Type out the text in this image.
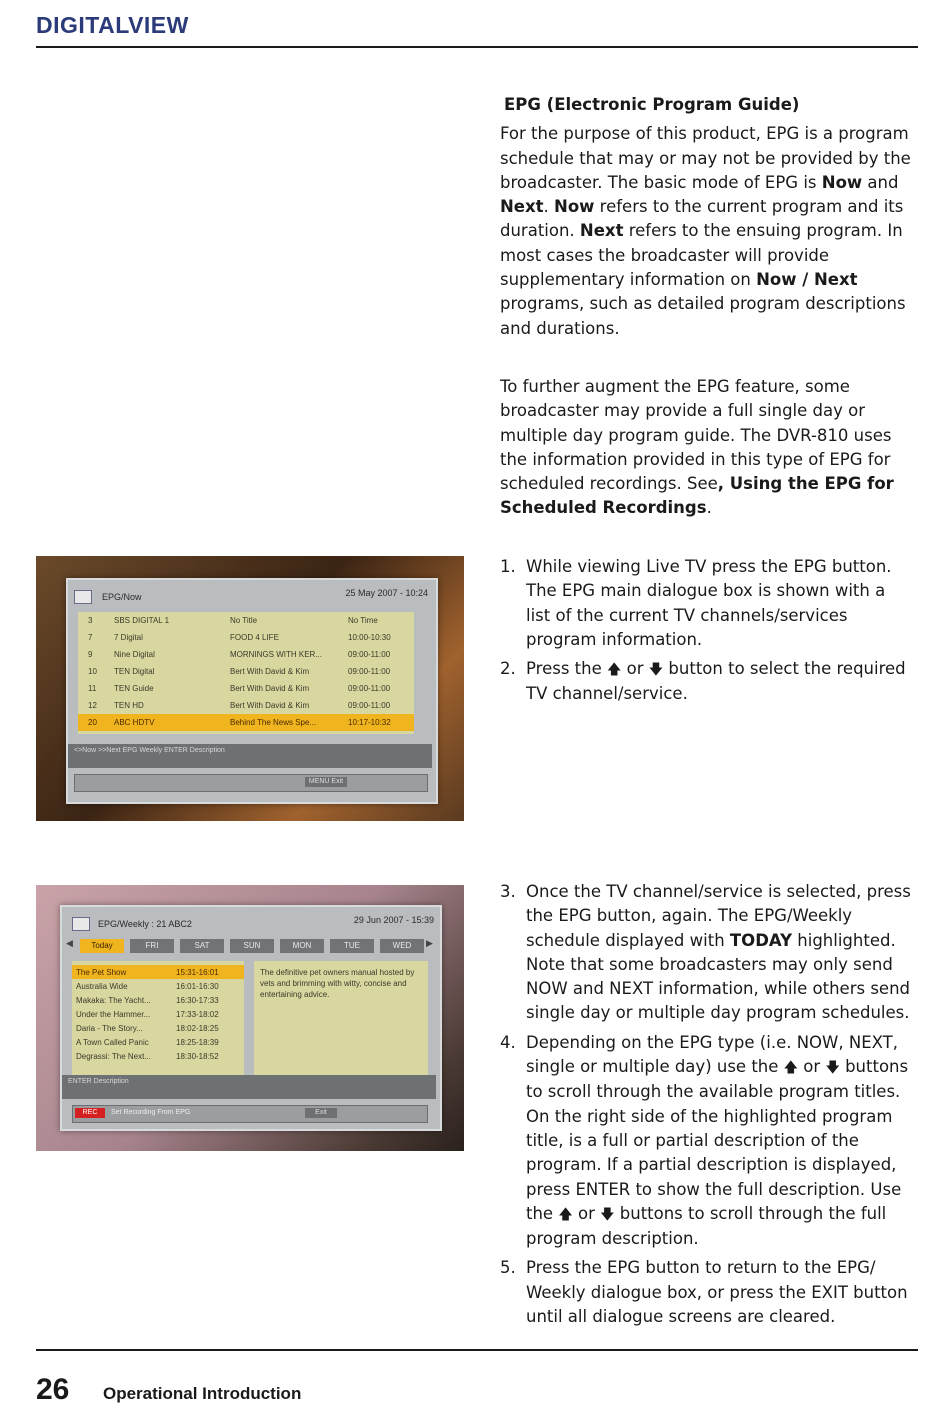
DIGITALVIEW

EPG (Electronic Program Guide)

For the purpose of this product, EPG is a program schedule that may or may not be provided by the broadcaster. The basic mode of EPG is Now and Next. Now refers to the current program and its duration. Next refers to the ensuing program. In most cases the broadcaster will provide supplementary information on Now / Next programs, such as detailed program descriptions and durations.

To further augment the EPG feature, some broadcaster may provide a full single day or multiple day program guide. The DVR-810 uses the information provided in this type of EPG for scheduled recordings. See, Using the EPG for Scheduled Recordings.

1. While viewing Live TV press the EPG button. The EPG main dialogue box is shown with a list of the current TV channels/services program information.
2. Press the 🡅 or 🡇 button to select the required TV channel/service.
3. Once the TV channel/service is selected, press the EPG button, again. The EPG/Weekly schedule displayed with TODAY highlighted. Note that some broadcasters may only send NOW and NEXT information, while others send single day or multiple day program schedules.
4. Depending on the EPG type (i.e. NOW, NEXT, single or multiple day) use the 🡅 or 🡇 buttons to scroll through the available program titles. On the right side of the highlighted program title, is a full or partial description of the program. If a partial description is displayed, press ENTER to show the full description. Use the 🡅 or 🡇 buttons to scroll through the full program description.
5. Press the EPG button to return to the EPG/ Weekly dialogue box, or press the EXIT button until all dialogue screens are cleared.
EPG/Now	25 May 2007 - 10:24
3	SBS DIGITAL 1	No Title	No Time
7	7 Digital	FOOD 4 LIFE	10:00-10:30
9	Nine Digital	MORNINGS WITH KER...	09:00-11:00
10 TEN Digital	Bert With David & Kim	09:00-11:00
11 TEN Guide	Bert With David & Kim	09:00-11:00
12 TEN HD	Bert With David & Kim	09:00-11:00
20 ABC HDTV	Behind The News Spe...	10:17-10:32
<>Now >>Next EPG Weekly ENTER Description
MENU Exit
EPG/Weekly : 21 ABC2	29 Jun 2007 - 15:39
◀	▶
Today	FRI	SAT	SUN	MON	TUE	WED
The Pet Show	15:31-16:01
Australia Wide	16:01-16:30
Makaka: The Yacht...	16:30-17:33
Under the Hammer...	17:33-18:02
Daria - The Story...	18:02-18:25
A Town Called Panic	18:25-18:39
Degrassi: The Next...	18:30-18:52
The definitive pet owners manual hosted by vets and brimming with witty, concise and entertaining advice.
ENTER Description
REC	Set Recording From EPG	Exit
26 Operational Introduction
